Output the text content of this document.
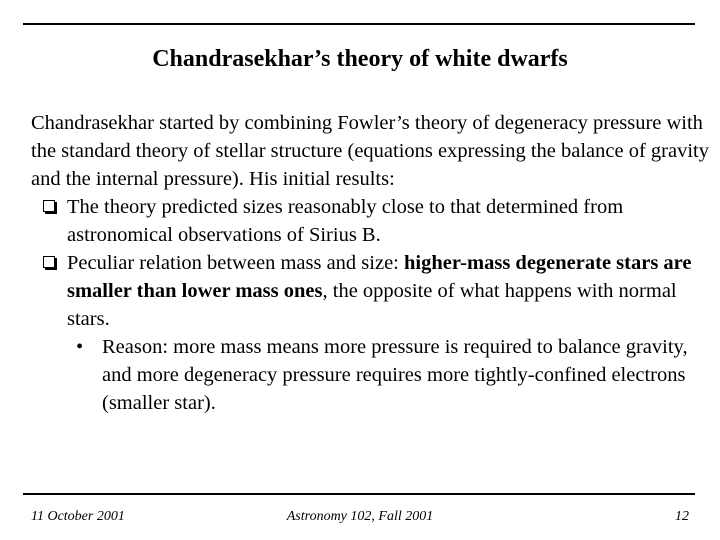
Chandrasekhar’s theory of white dwarfs

Chandrasekhar started by combining Fowler’s theory of degeneracy pressure with the standard theory of stellar structure (equations expressing the balance of gravity and the internal pressure). His initial results:

The theory predicted sizes reasonably close to that determined from astronomical observations of Sirius B.
Peculiar relation between mass and size: higher-mass degenerate stars are smaller than lower mass ones, the opposite of what happens with normal stars.
• Reason: more mass means more pressure is required to balance gravity, and more degeneracy pressure requires more tightly-confined electrons (smaller star).
11 October 2001	Astronomy 102, Fall 2001	12
